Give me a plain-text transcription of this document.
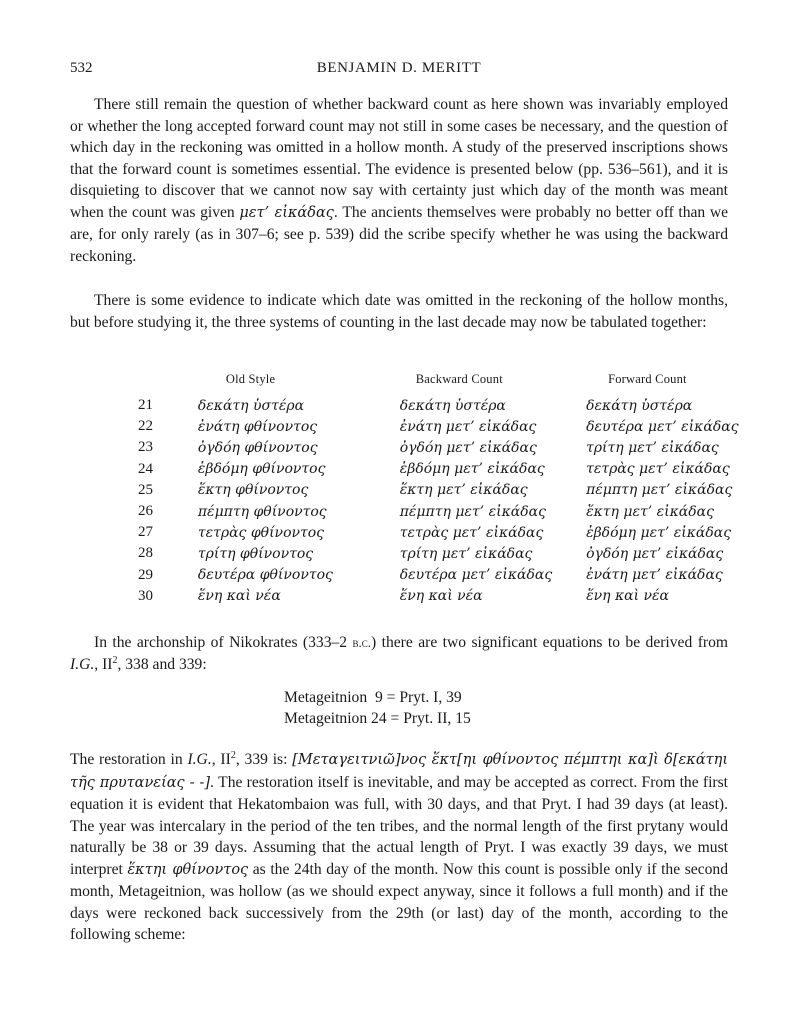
532	BENJAMIN D. MERITT

There still remain the question of whether backward count as here shown was invariably employed or whether the long accepted forward count may not still in some cases be necessary, and the question of which day in the reckoning was omitted in a hollow month. A study of the preserved inscriptions shows that the forward count is sometimes essential. The evidence is presented below (pp. 536–561), and it is disquieting to discover that we cannot now say with certainty just which day of the month was meant when the count was given μετ’ εἰκάδας. The ancients themselves were probably no better off than we are, for only rarely (as in 307–6; see p. 539) did the scribe specify whether he was using the backward reckoning.

There is some evidence to indicate which date was omitted in the reckoning of the hollow months, but before studying it, the three systems of counting in the last decade may now be tabulated together:

	Old Style	Backward Count	Forward Count
21	δεκάτη ὑστέρα	δεκάτη ὑστέρα	δεκάτη ὑστέρα
22	ἐνάτη φθίνοντος	ἐνάτη μετ’ εἰκάδας	δευτέρα μετ’ εἰκάδας
23	ὀγδόη φθίνοντος	ὀγδόη μετ’ εἰκάδας	τρίτη μετ’ εἰκάδας
24	ἑβδόμη φθίνοντος	ἑβδόμη μετ’ εἰκάδας	τετρὰς μετ’ εἰκάδας
25	ἕκτη φθίνοντος	ἕκτη μετ’ εἰκάδας	πέμπτη μετ’ εἰκάδας
26	πέμπτη φθίνοντος	πέμπτη μετ’ εἰκάδας	ἕκτη μετ’ εἰκάδας
27	τετρὰς φθίνοντος	τετρὰς μετ’ εἰκάδας	ἑβδόμη μετ’ εἰκάδας
28	τρίτη φθίνοντος	τρίτη μετ’ εἰκάδας	ὀγδόη μετ’ εἰκάδας
29	δευτέρα φθίνοντος	δευτέρα μετ’ εἰκάδας	ἐνάτη μετ’ εἰκάδας
30	ἕνη καὶ νέα	ἕνη καὶ νέα	ἕνη καὶ νέα

In the archonship of Nikokrates (333–2 b.c.) there are two significant equations to be derived from I.G., $II^2$, 338 and 339:

Metageitnion  9 = Pryt. I, 39
Metageitnion 24 = Pryt. II, 15

The restoration in I.G., $II^2$, 339 is: [Μεταγειτνιῶ]νος ἕκτ[ηι φθίνοντος πέμπτηι κα]ὶ δ[εκάτηι τῆς πρυτανείας - -]. The restoration itself is inevitable, and may be accepted as correct. From the first equation it is evident that Hekatombaion was full, with 30 days, and that Pryt. I had 39 days (at least). The year was intercalary in the period of the ten tribes, and the normal length of the first prytany would naturally be 38 or 39 days. Assuming that the actual length of Pryt. I was exactly 39 days, we must interpret ἕκτηι φθίνοντος as the 24th day of the month. Now this count is possible only if the second month, Metageitnion, was hollow (as we should expect anyway, since it follows a full month) and if the days were reckoned back successively from the 29th (or last) day of the month, according to the following scheme:
